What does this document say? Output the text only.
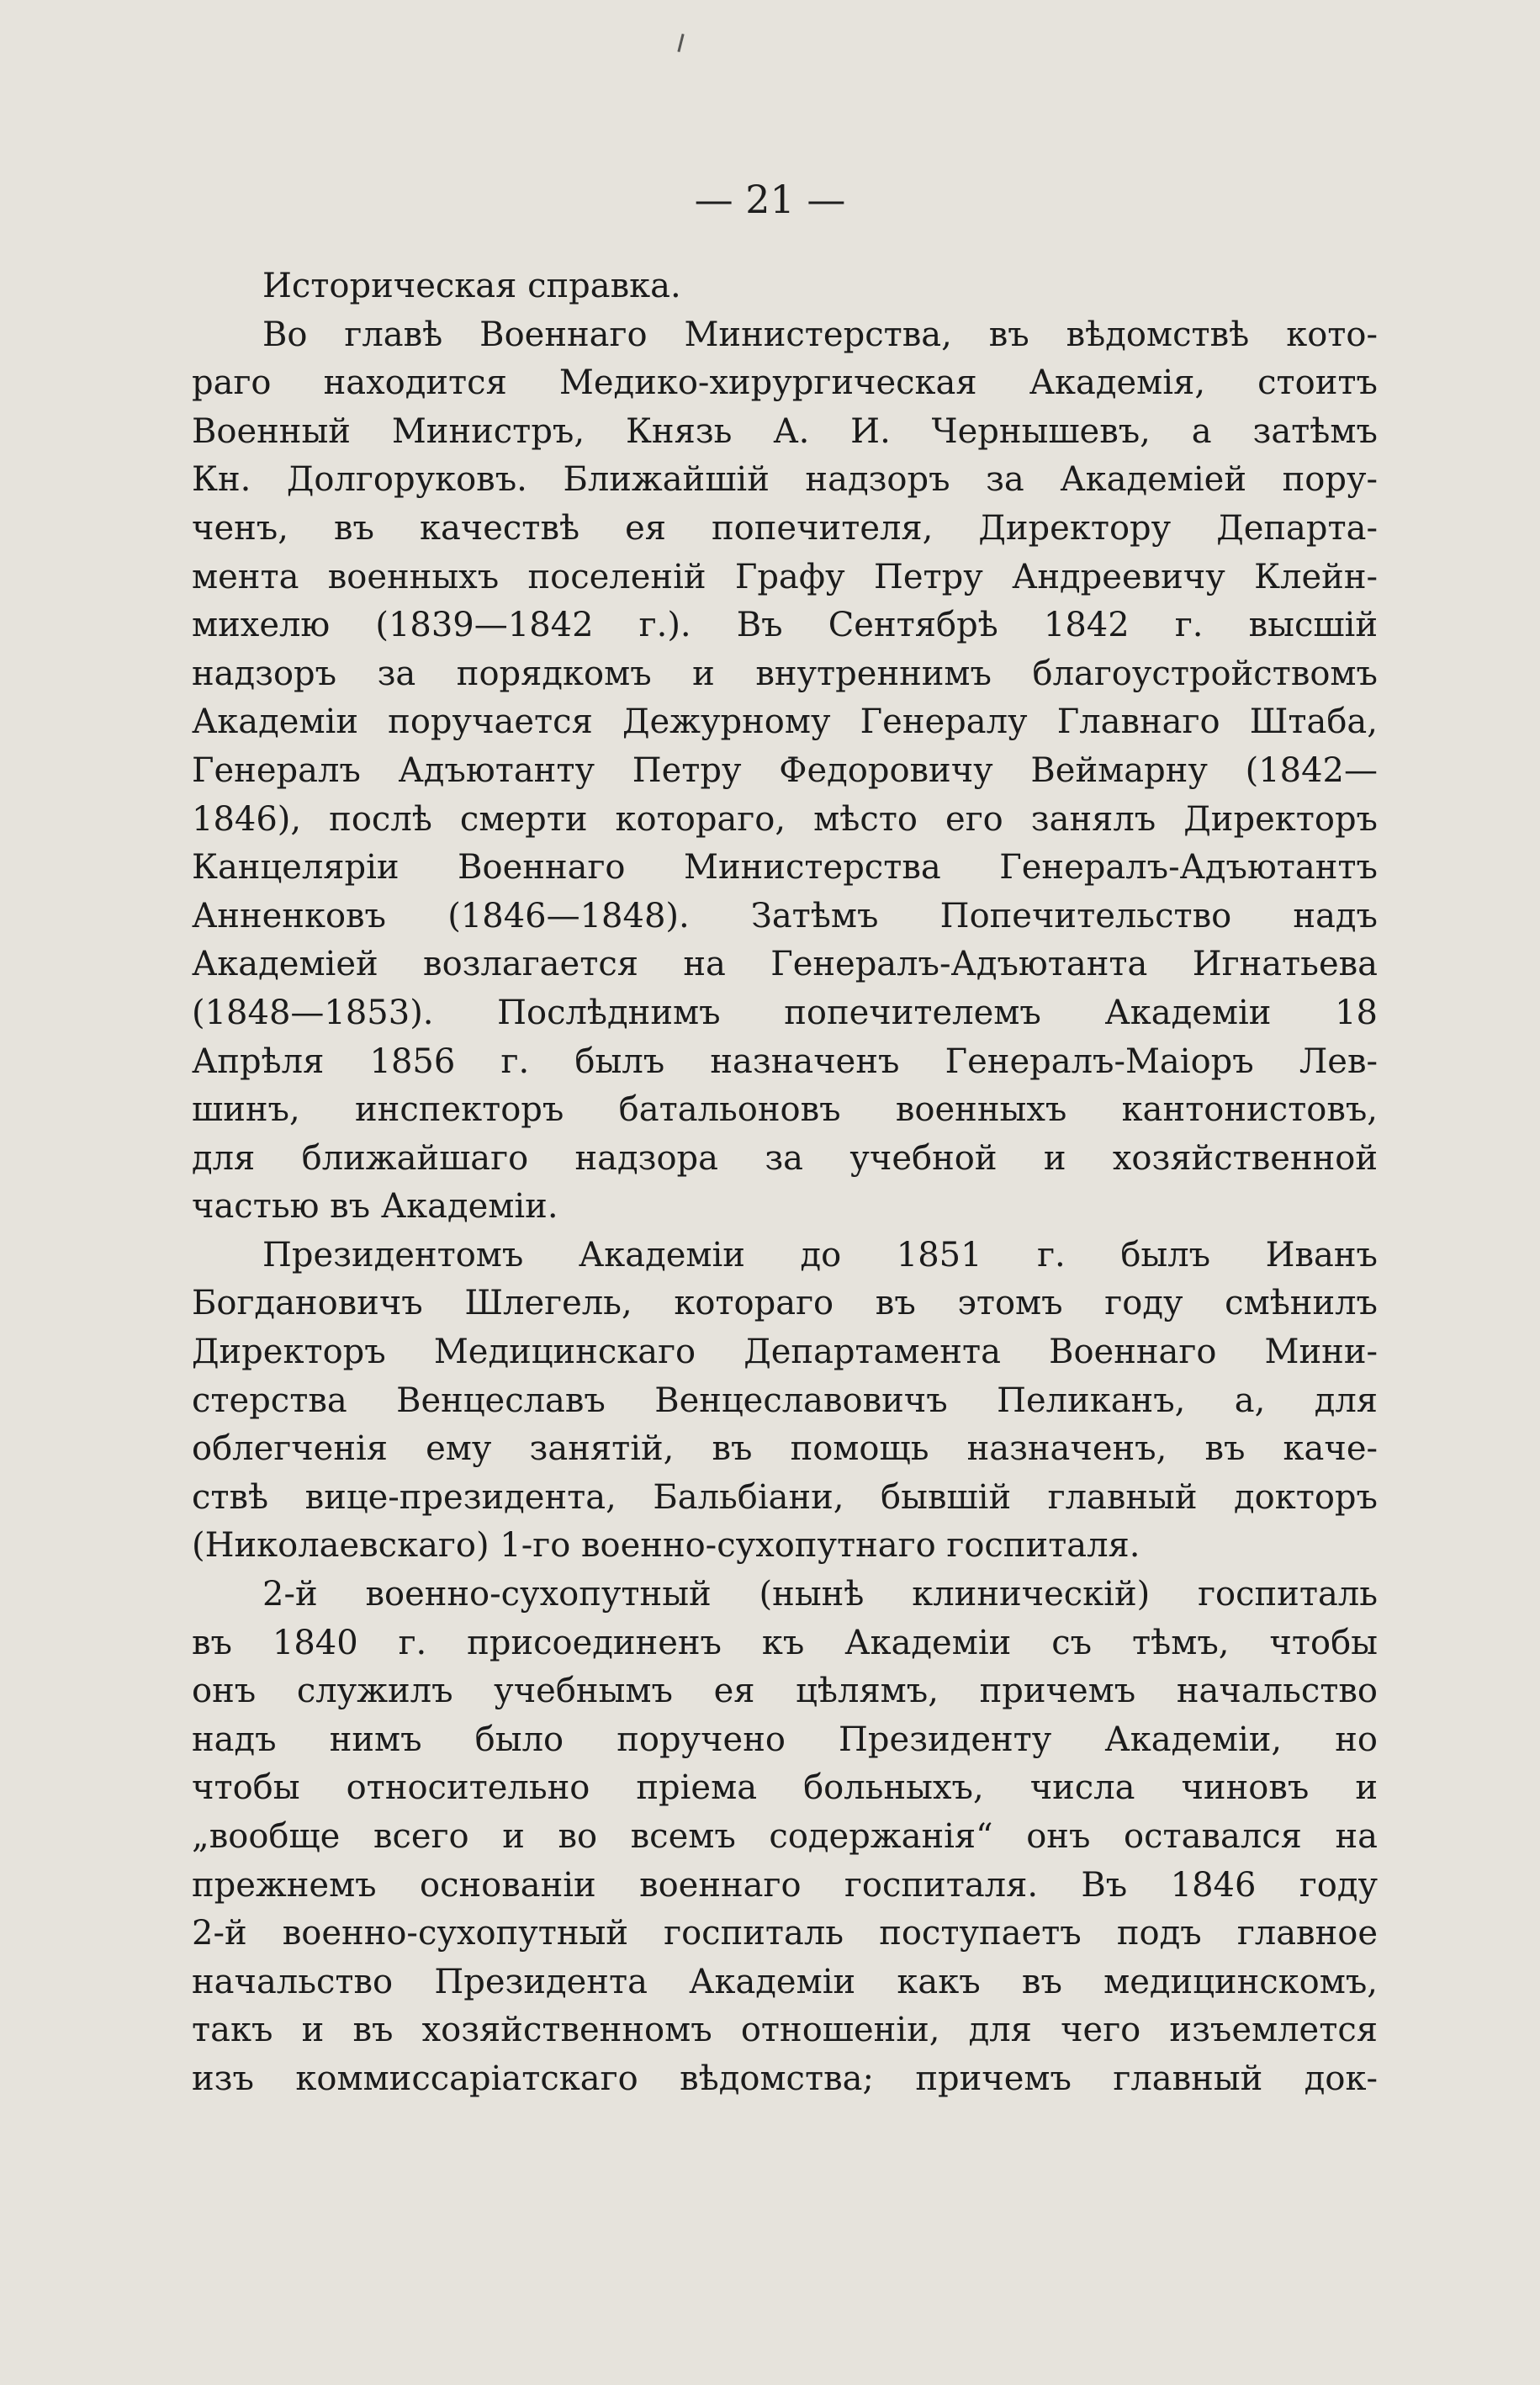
— 21 —
Историческая справка.
Во главѣ Военнаго Министерства, въ вѣдомствѣ кото-
раго находится Медико-хирургическая Академія, стоитъ
Военный Министръ, Князь А. И. Чернышевъ, а затѣмъ
Кн. Долгоруковъ. Ближайшій надзоръ за Академіей пору-
ченъ, въ качествѣ ея попечителя, Директору Департа-
мента военныхъ поселеній Графу Петру Андреевичу Клейн-
михелю (1839—1842 г.). Въ Сентябрѣ 1842 г. высшій
надзоръ за порядкомъ и внутреннимъ благоустройствомъ
Академіи поручается Дежурному Генералу Главнаго Штаба,
Генералъ Адъютанту Петру Федоровичу Веймарну (1842—
1846), послѣ смерти котораго, мѣсто его занялъ Директоръ
Канцеляріи Военнаго Министерства Генералъ-Адъютантъ
Анненковъ (1846—1848). Затѣмъ Попечительство надъ
Академіей возлагается на Генералъ-Адъютанта Игнатьева
(1848—1853). Послѣднимъ попечителемъ Академіи 18
Апрѣля 1856 г. былъ назначенъ Генералъ-Маіоръ Лев-
шинъ, инспекторъ батальоновъ военныхъ кантонистовъ,
для ближайшаго надзора за учебной и хозяйственной
частью въ Академіи.
Президентомъ Академіи до 1851 г. былъ Иванъ
Богдановичъ Шлегель, котораго въ этомъ году смѣнилъ
Директоръ Медицинскаго Департамента Военнаго Мини-
стерства Венцеславъ Венцеславовичъ Пеликанъ, а, для
облегченія ему занятій, въ помощь назначенъ, въ каче-
ствѣ вице-президента, Бальбіани, бывшій главный докторъ
(Николаевскаго) 1-го военно-сухопутнаго госпиталя.
2-й военно-сухопутный (нынѣ клиническій) госпиталь
въ 1840 г. присоединенъ къ Академіи съ тѣмъ, чтобы
онъ служилъ учебнымъ ея цѣлямъ, причемъ начальство
надъ нимъ было поручено Президенту Академіи, но
чтобы относительно пріема больныхъ, числа чиновъ и
„вообще всего и во всемъ содержанія“ онъ оставался на
прежнемъ основаніи военнаго госпиталя. Въ 1846 году
2-й военно-сухопутный госпиталь поступаетъ подъ главное
начальство Президента Академіи какъ въ медицинскомъ,
такъ и въ хозяйственномъ отношеніи, для чего изъемлется
изъ коммиссаріатскаго вѣдомства; причемъ главный док-
